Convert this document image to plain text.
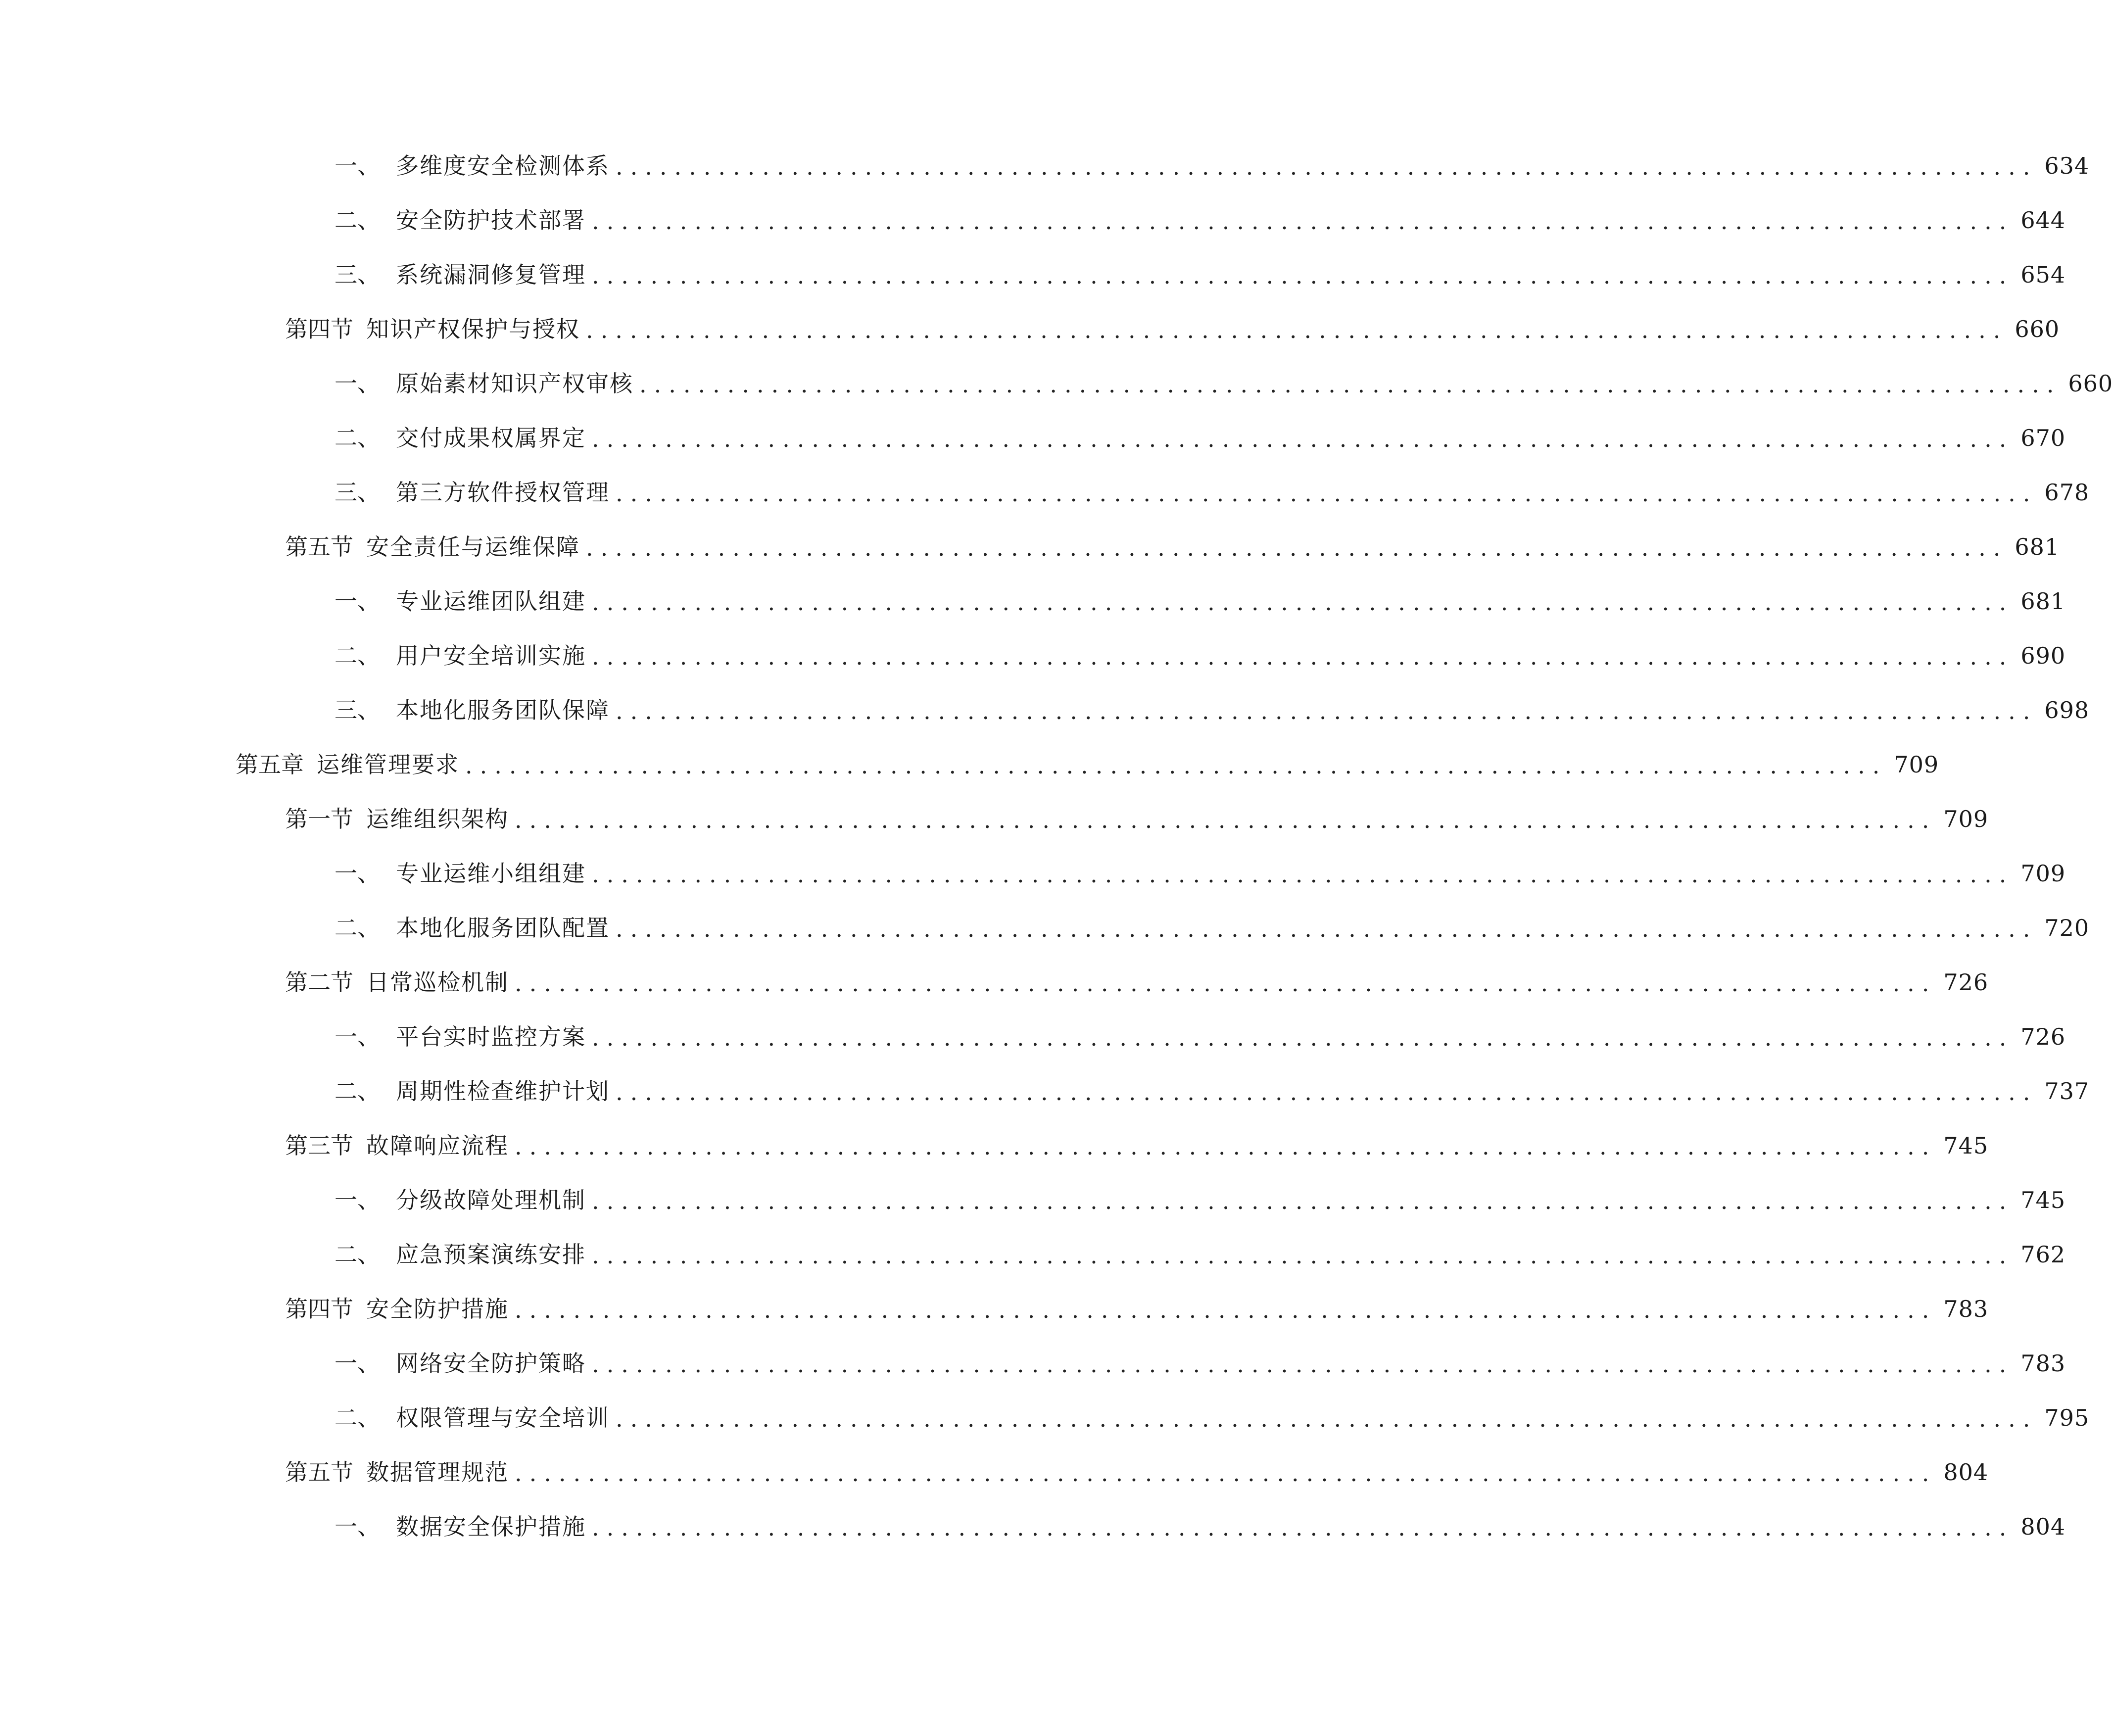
一、 多维度安全检测体系 ................................................................................................. 634
二、 安全防护技术部署 ................................................................................................. 644
三、 系统漏洞修复管理 ................................................................................................. 654
第四节 知识产权保护与授权 ................................................................................................. 660
一、 原始素材知识产权审核 ................................................................................................. 660
二、 交付成果权属界定 ................................................................................................. 670
三、 第三方软件授权管理 ................................................................................................. 678
第五节 安全责任与运维保障 ................................................................................................. 681
一、 专业运维团队组建 ................................................................................................. 681
二、 用户安全培训实施 ................................................................................................. 690
三、 本地化服务团队保障 ................................................................................................. 698
第五章 运维管理要求 ................................................................................................. 709
第一节 运维组织架构 ................................................................................................. 709
一、 专业运维小组组建 ................................................................................................. 709
二、 本地化服务团队配置 ................................................................................................. 720
第二节 日常巡检机制 ................................................................................................. 726
一、 平台实时监控方案 ................................................................................................. 726
二、 周期性检查维护计划 ................................................................................................. 737
第三节 故障响应流程 ................................................................................................. 745
一、 分级故障处理机制 ................................................................................................. 745
二、 应急预案演练安排 ................................................................................................. 762
第四节 安全防护措施 ................................................................................................. 783
一、 网络安全防护策略 ................................................................................................. 783
二、 权限管理与安全培训 ................................................................................................. 795
第五节 数据管理规范 ................................................................................................. 804
一、 数据安全保护措施 ................................................................................................. 804
